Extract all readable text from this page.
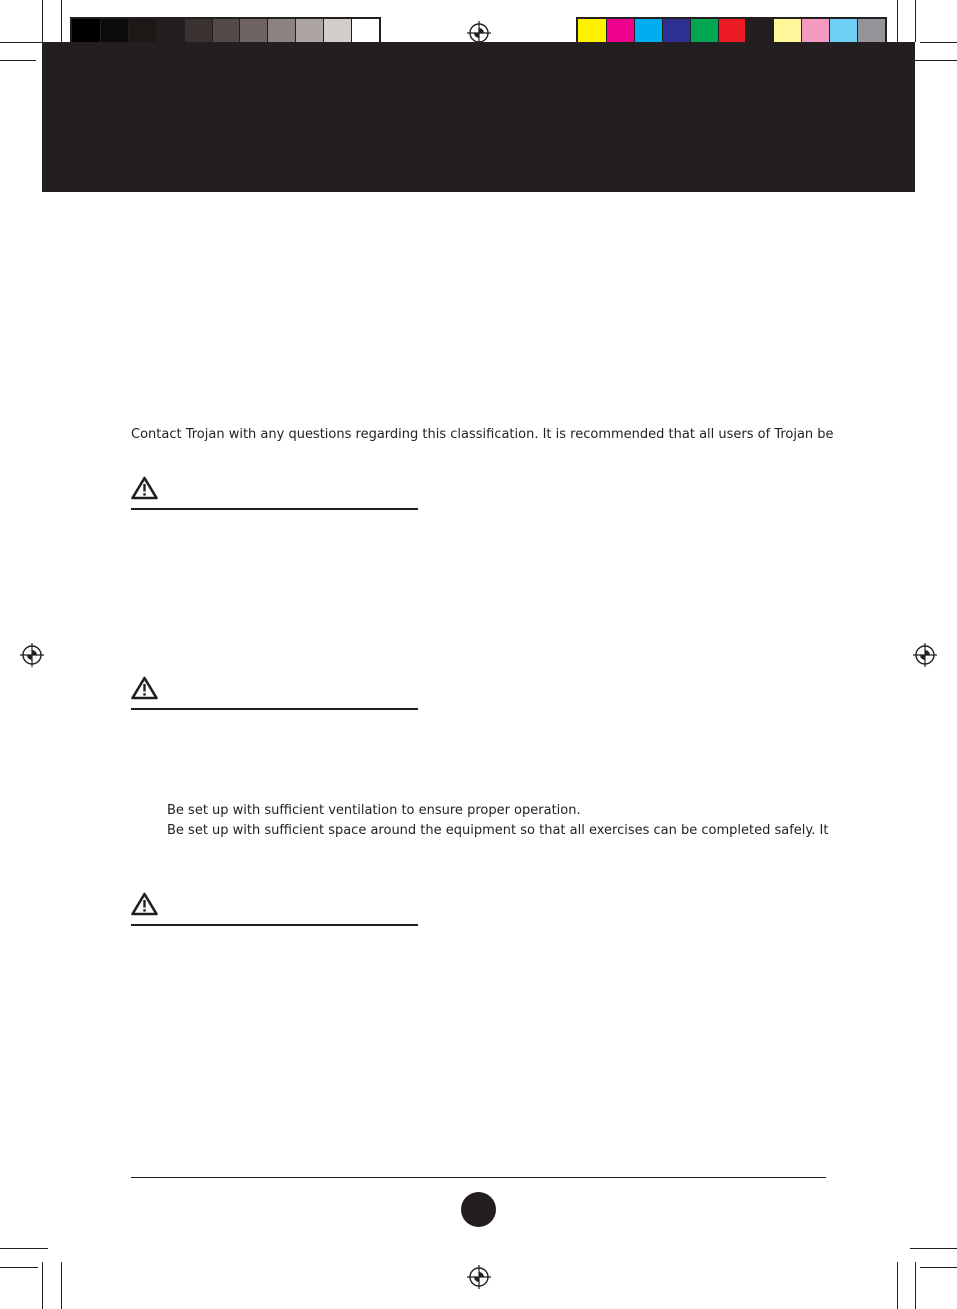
Contact Trojan with any questions regarding this classification. It is recommended that all users of Trojan be
Be set up with sufficient ventilation to ensure proper operation.
Be set up with sufficient space around the equipment so that all exercises can be completed safely. It
